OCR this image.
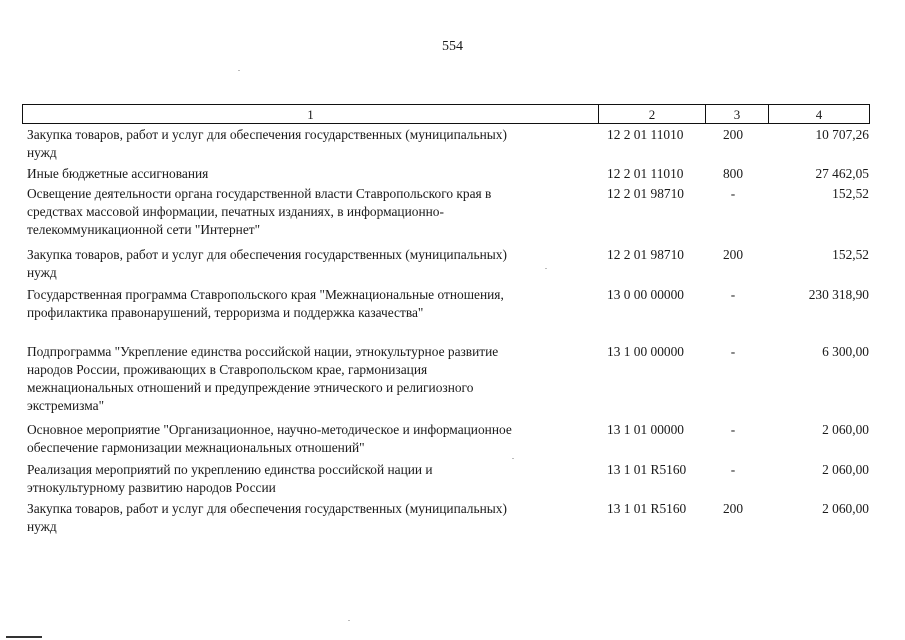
554
1	2	3	4
Закупка товаров, работ и услуг для обеспечения государственных (муниципальных)
нужд
12 2 01 11010	200	10 707,26
Иные бюджетные ассигнования	12 2 01 11010	800	27 462,05
Освещение деятельности органа государственной власти Ставропольского края в
средствах массовой информации, печатных изданиях, в информационно-
телекоммуникационной сети "Интернет"
12 2 01 98710	-	152,52
Закупка товаров, работ и услуг для обеспечения государственных (муниципальных)
нужд
12 2 01 98710	200	152,52
Государственная программа Ставропольского края "Межнациональные отношения,
профилактика правонарушений, терроризма и поддержка казачества"
13 0 00 00000	-	230 318,90
Подпрограмма "Укрепление единства российской нации, этнокультурное развитие
народов России, проживающих в Ставропольском крае, гармонизация
межнациональных отношений и предупреждение этнического и религиозного
экстремизма"
13 1 00 00000	-	6 300,00
Основное мероприятие "Организационное, научно-методическое и информационное
обеспечение гармонизации межнациональных отношений"
13 1 01 00000	-	2 060,00
Реализация мероприятий по укреплению единства российской нации и
этнокультурному развитию народов России
13 1 01 R5160	-	2 060,00
Закупка товаров, работ и услуг для обеспечения государственных (муниципальных)
нужд
13 1 01 R5160	200	2 060,00
